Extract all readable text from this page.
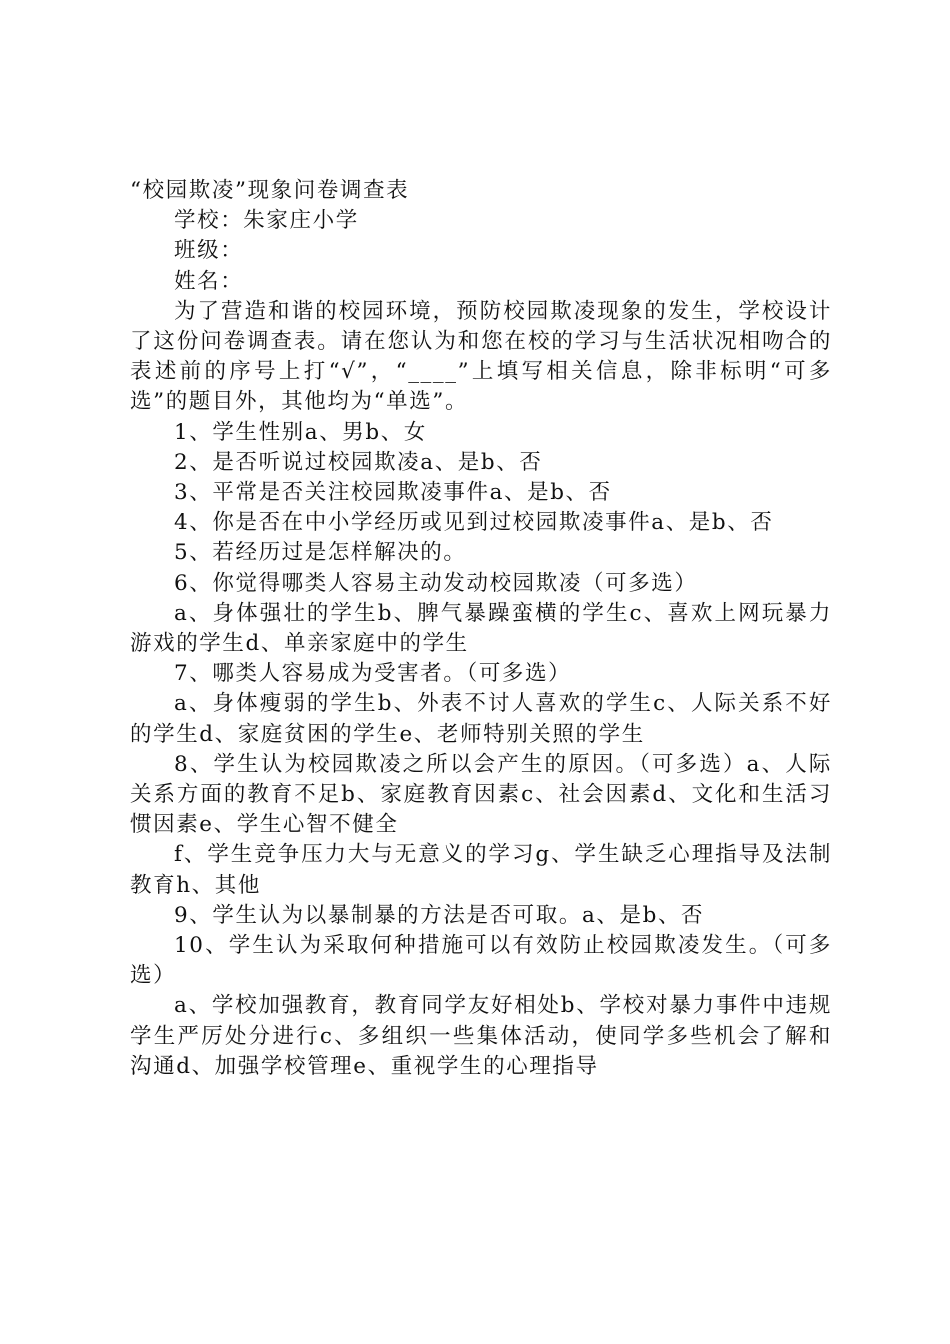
“校园欺凌”现象问卷调查表

学校：朱家庄小学

班级：

姓名：

为了营造和谐的校园环境，预防校园欺凌现象的发生，学校设计了这份问卷调查表。请在您认为和您在校的学习与生活状况相吻合的表述前的序号上打“√”，“____”上填写相关信息，除非标明“可多选”的题目外，其他均为“单选”。

1、学生性别a、男b、女

2、是否听说过校园欺凌a、是b、否

3、平常是否关注校园欺凌事件a、是b、否

4、你是否在中小学经历或见到过校园欺凌事件a、是b、否

5、若经历过是怎样解决的。

6、你觉得哪类人容易主动发动校园欺凌（可多选）

a、身体强壮的学生b、脾气暴躁蛮横的学生c、喜欢上网玩暴力游戏的学生d、单亲家庭中的学生

7、哪类人容易成为受害者。（可多选）

a、身体瘦弱的学生b、外表不讨人喜欢的学生c、人际关系不好的学生d、家庭贫困的学生e、老师特别关照的学生

8、学生认为校园欺凌之所以会产生的原因。（可多选）a、人际关系方面的教育不足b、家庭教育因素c、社会因素d、文化和生活习惯因素e、学生心智不健全

f、学生竞争压力大与无意义的学习g、学生缺乏心理指导及法制教育h、其他

9、学生认为以暴制暴的方法是否可取。a、是b、否

10、学生认为采取何种措施可以有效防止校园欺凌发生。（可多选）

a、学校加强教育，教育同学友好相处b、学校对暴力事件中违规学生严厉处分进行c、多组织一些集体活动，使同学多些机会了解和沟通d、加强学校管理e、重视学生的心理指导
